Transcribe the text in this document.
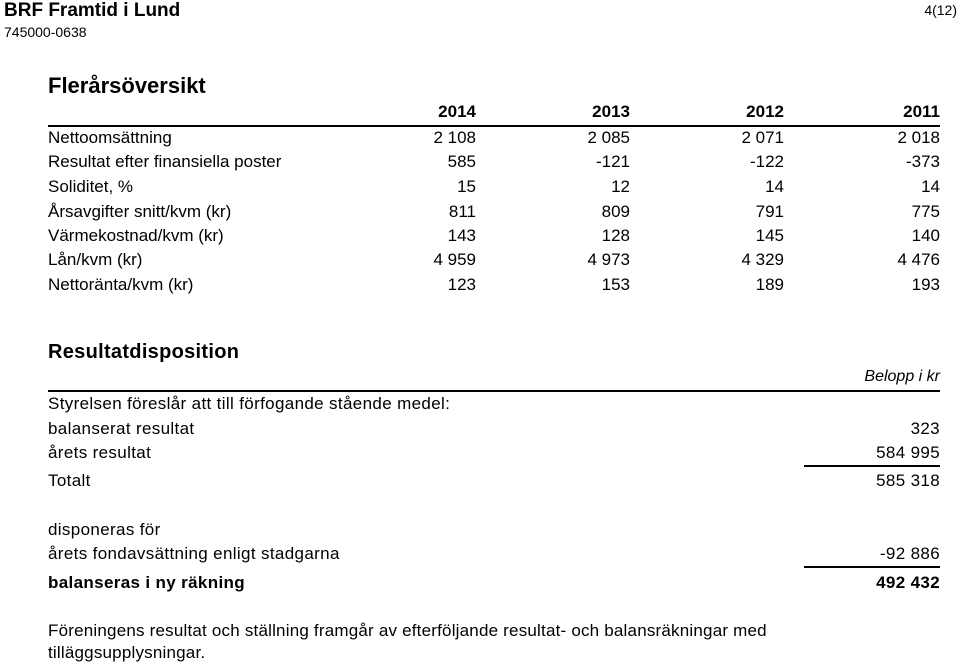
BRF Framtid i Lund
745000-0638
4(12)
Flerårsöversikt
2014	2013	2012	2011
Nettoomsättning	2 108	2 085	2 071	2 018
Resultat efter finansiella poster	585	-121	-122	-373
Soliditet, %	15	12	14	14
Årsavgifter snitt/kvm (kr)	811	809	791	775
Värmekostnad/kvm (kr)	143	128	145	140
Lån/kvm (kr)	4 959	4 973	4 329	4 476
Nettoränta/kvm (kr)	123	153	189	193
Resultatdisposition
Belopp i kr
Styrelsen föreslår att till förfogande stående medel:
balanserat resultat	323
årets resultat	584 995
Totalt	585 318
disponeras för
årets fondavsättning enligt stadgarna	-92 886
balanseras i ny räkning	492 432
Föreningens resultat och ställning framgår av efterföljande resultat- och balansräkningar med tilläggsupplysningar.
